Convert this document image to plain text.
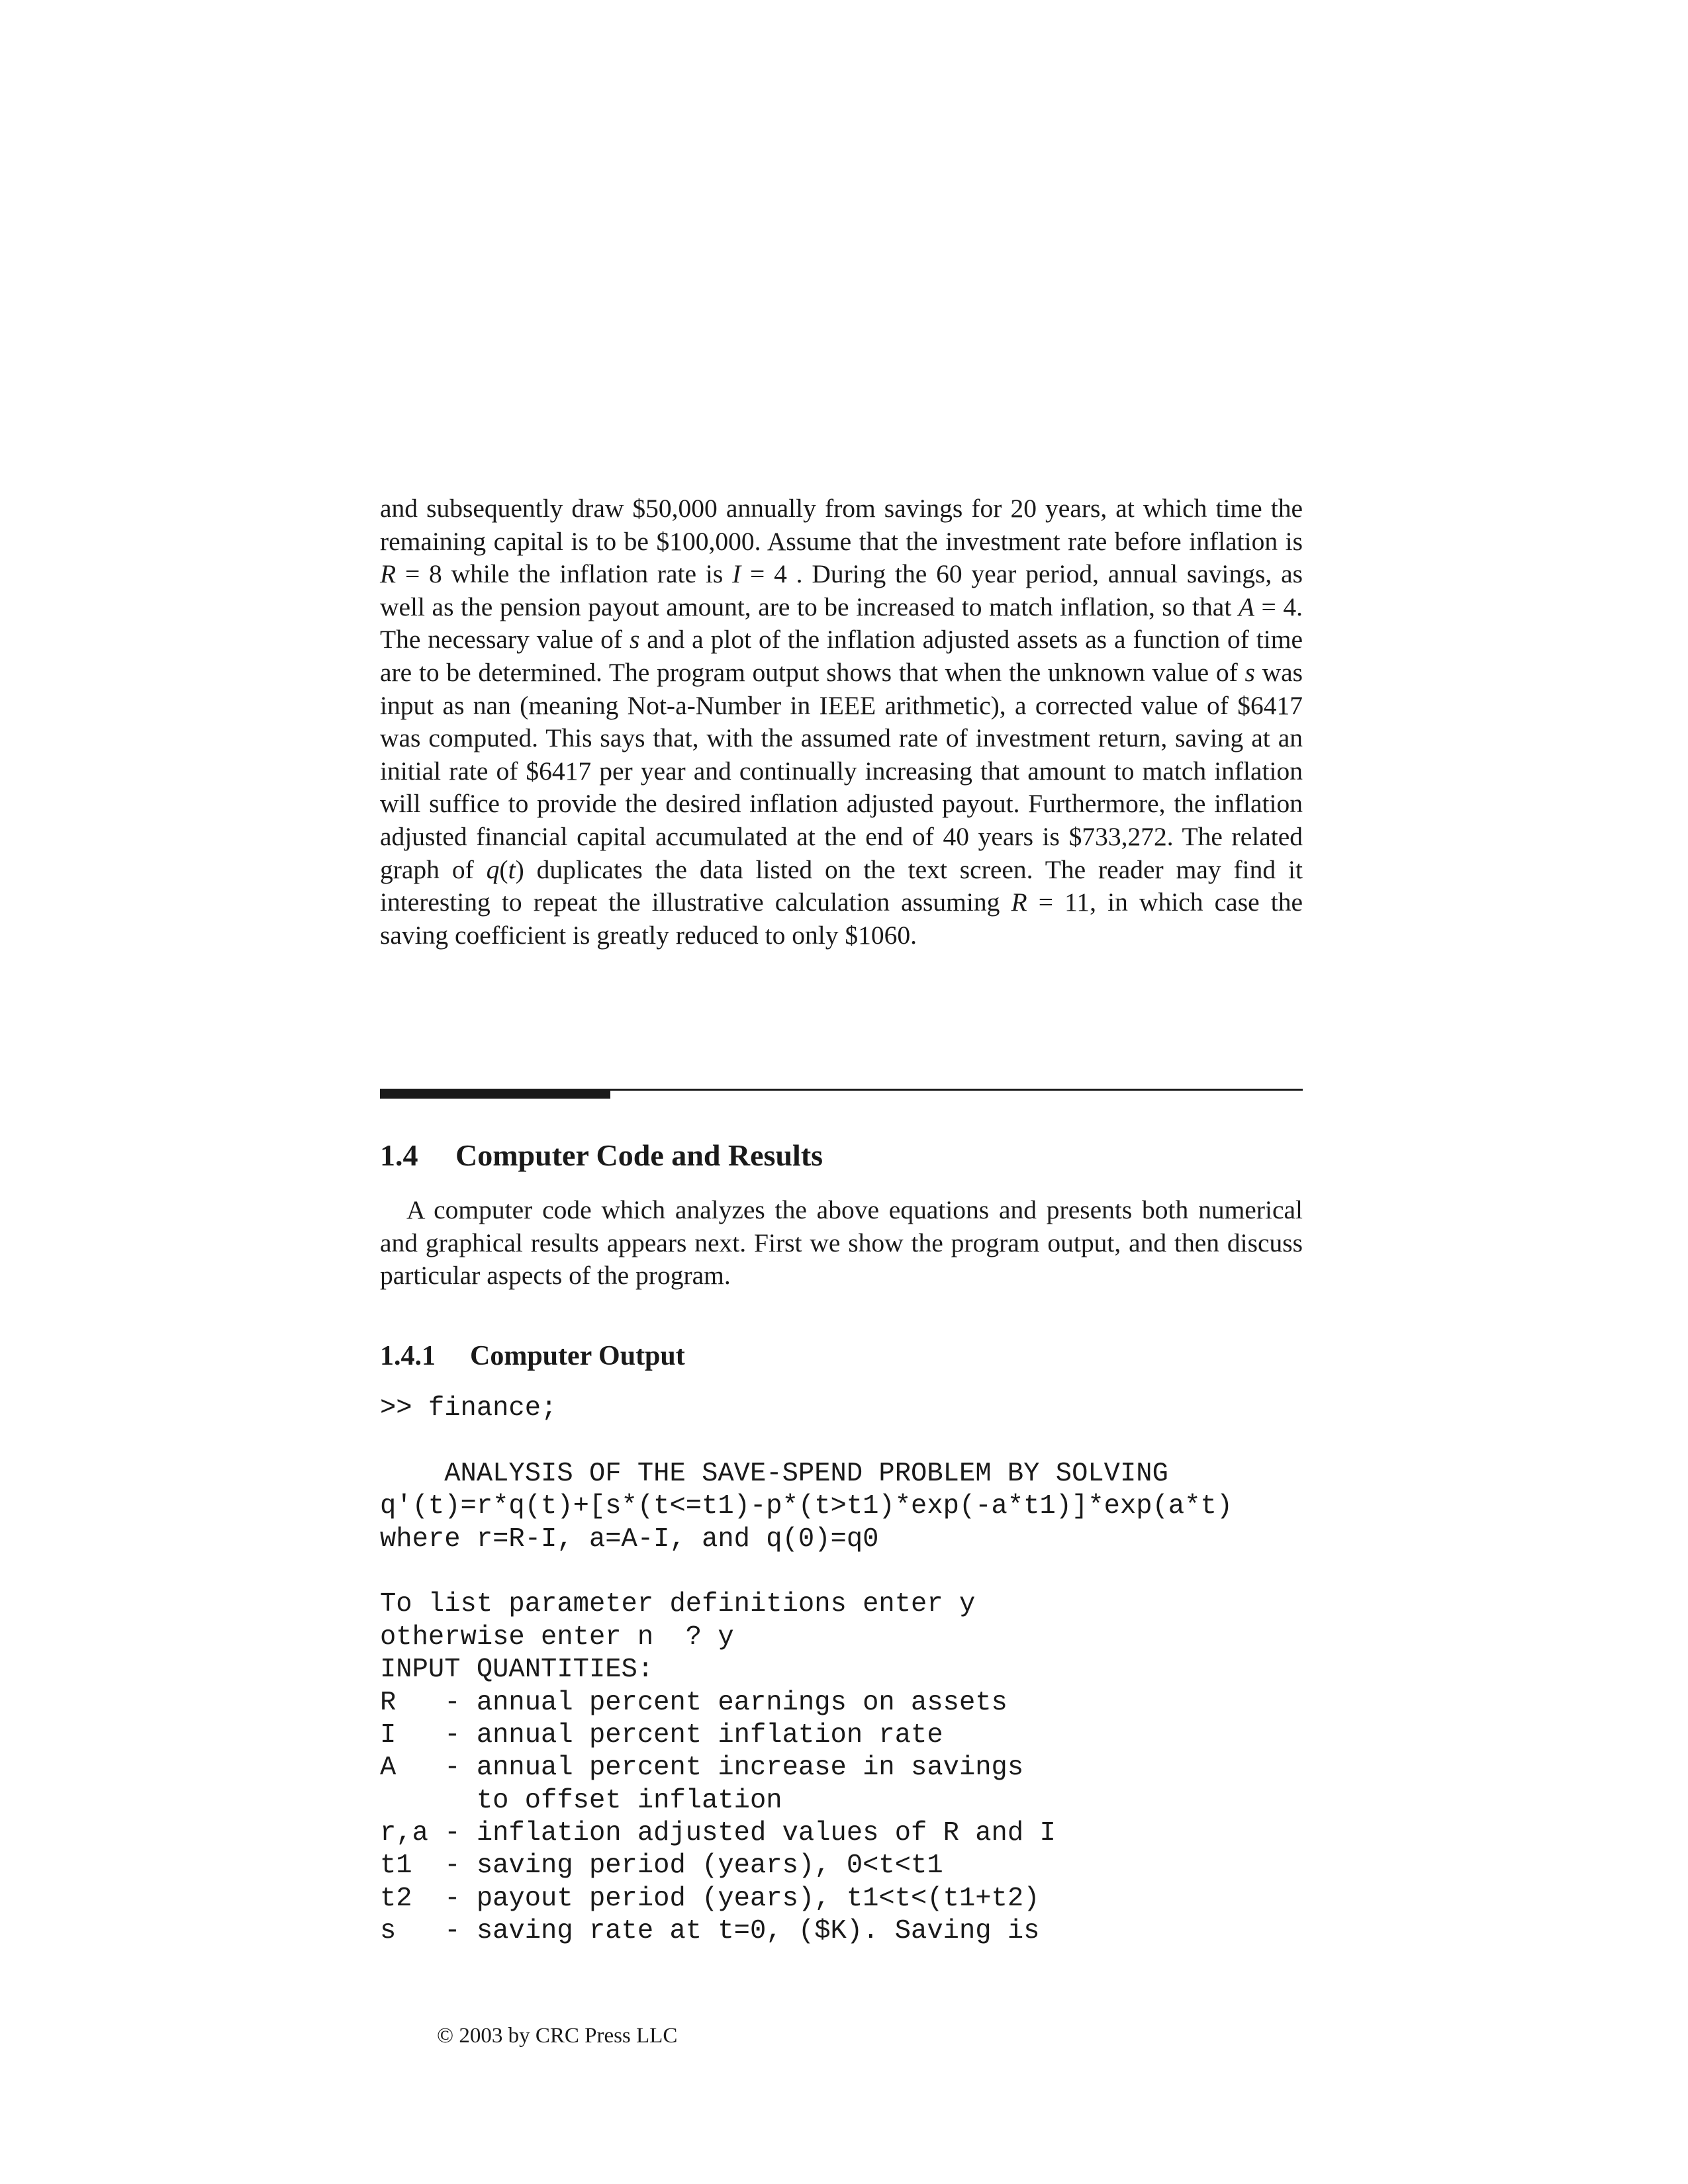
and subsequently draw $50,000 annually from savings for 20 years, at which time the remaining capital is to be $100,000. Assume that the investment rate before inflation is R = 8 while the inflation rate is I = 4 . During the 60 year period, annual savings, as well as the pension payout amount, are to be increased to match inflation, so that A = 4. The necessary value of s and a plot of the inflation adjusted assets as a function of time are to be determined. The program output shows that when the unknown value of s was input as nan (meaning Not-a-Number in IEEE arithmetic), a corrected value of $6417 was computed. This says that, with the assumed rate of investment return, saving at an initial rate of $6417 per year and continually increasing that amount to match inflation will suffice to provide the desired inflation adjusted payout. Furthermore, the inflation adjusted financial capital accumulated at the end of 40 years is $733,272. The related graph of q(t) duplicates the data listed on the text screen. The reader may find it interesting to repeat the illustrative calculation assuming R = 11, in which case the saving coefficient is greatly reduced to only $1060.

1.4 Computer Code and Results

A computer code which analyzes the above equations and presents both numerical and graphical results appears next. First we show the program output, and then discuss particular aspects of the program.

1.4.1 Computer Output
>> finance;
ANALYSIS OF THE SAVE-SPEND PROBLEM BY SOLVING
q'(t)=r*q(t)+[s*(t<=t1)-p*(t>t1)*exp(-a*t1)]*exp(a*t)
where r=R-I, a=A-I, and q(0)=q0
To list parameter definitions enter y
otherwise enter n  ? y
INPUT QUANTITIES:
R   - annual percent earnings on assets
I   - annual percent inflation rate
A   - annual percent increase in savings
to offset inflation
r,a - inflation adjusted values of R and I
t1  - saving period (years), 0<t<t1
t2  - payout period (years), t1<t<(t1+t2)
s   - saving rate at t=0, ($K). Saving is
© 2003 by CRC Press LLC
